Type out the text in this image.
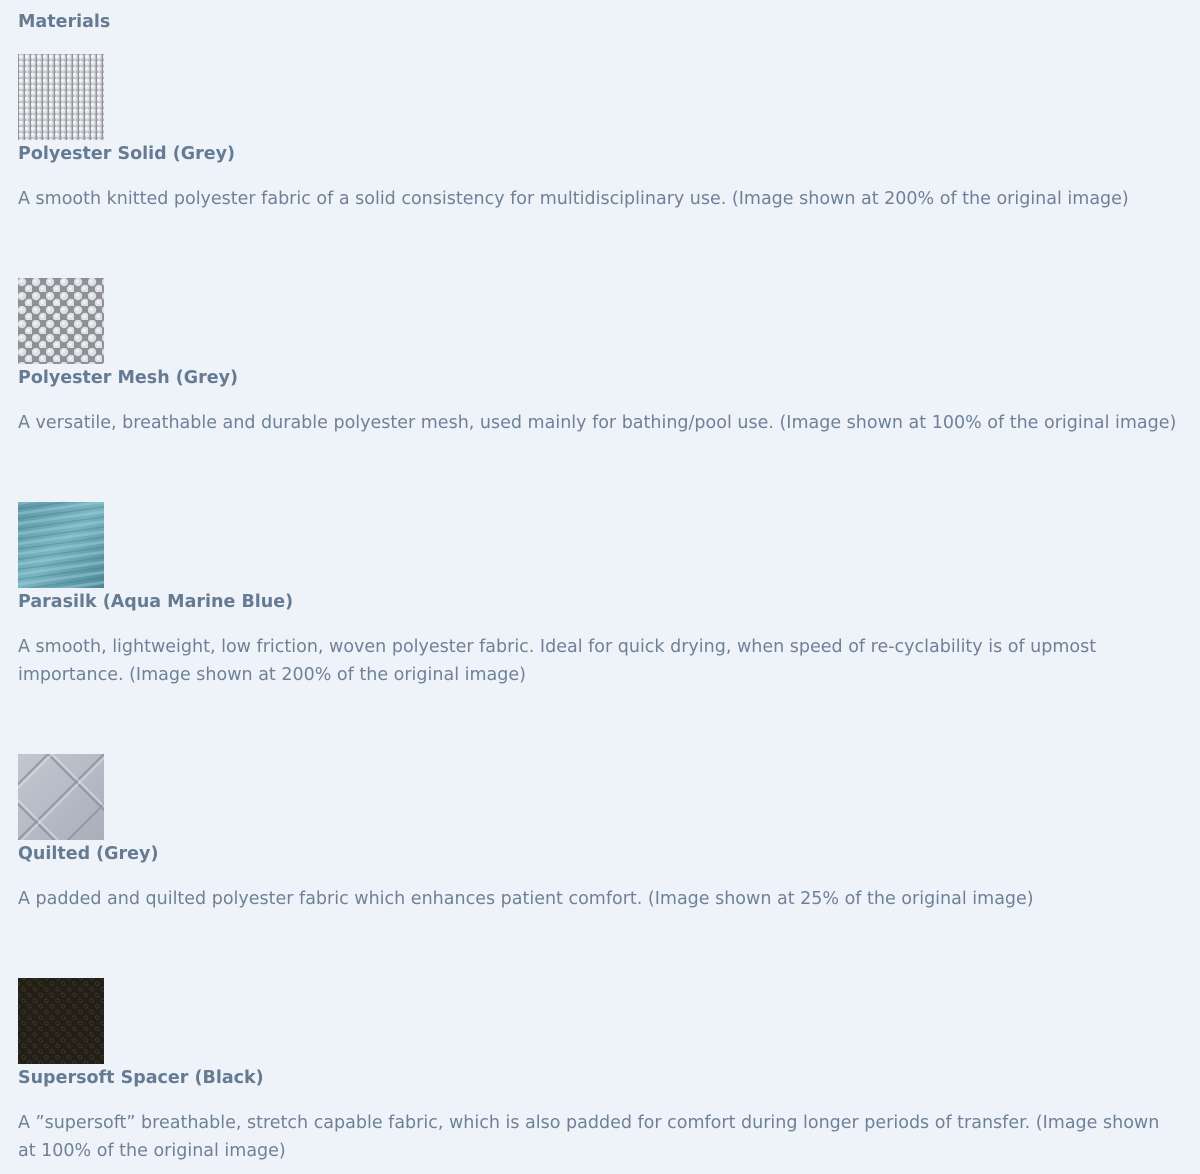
Materials
Polyester Solid (Grey)

A smooth knitted polyester fabric of a solid consistency for multidisciplinary use. (Image shown at 200% of the original image)

Polyester Mesh (Grey)

A versatile, breathable and durable polyester mesh, used mainly for bathing/pool use. (Image shown at 100% of the original image)

Parasilk (Aqua Marine Blue)

A smooth, lightweight, low friction, woven polyester fabric. Ideal for quick drying, when speed of re-cyclability is of upmost importance. (Image shown at 200% of the original image)

Quilted (Grey)

A padded and quilted polyester fabric which enhances patient comfort. (Image shown at 25% of the original image)

Supersoft Spacer (Black)

A ”supersoft” breathable, stretch capable fabric, which is also padded for comfort during longer periods of transfer. (Image shown at 100% of the original image)
